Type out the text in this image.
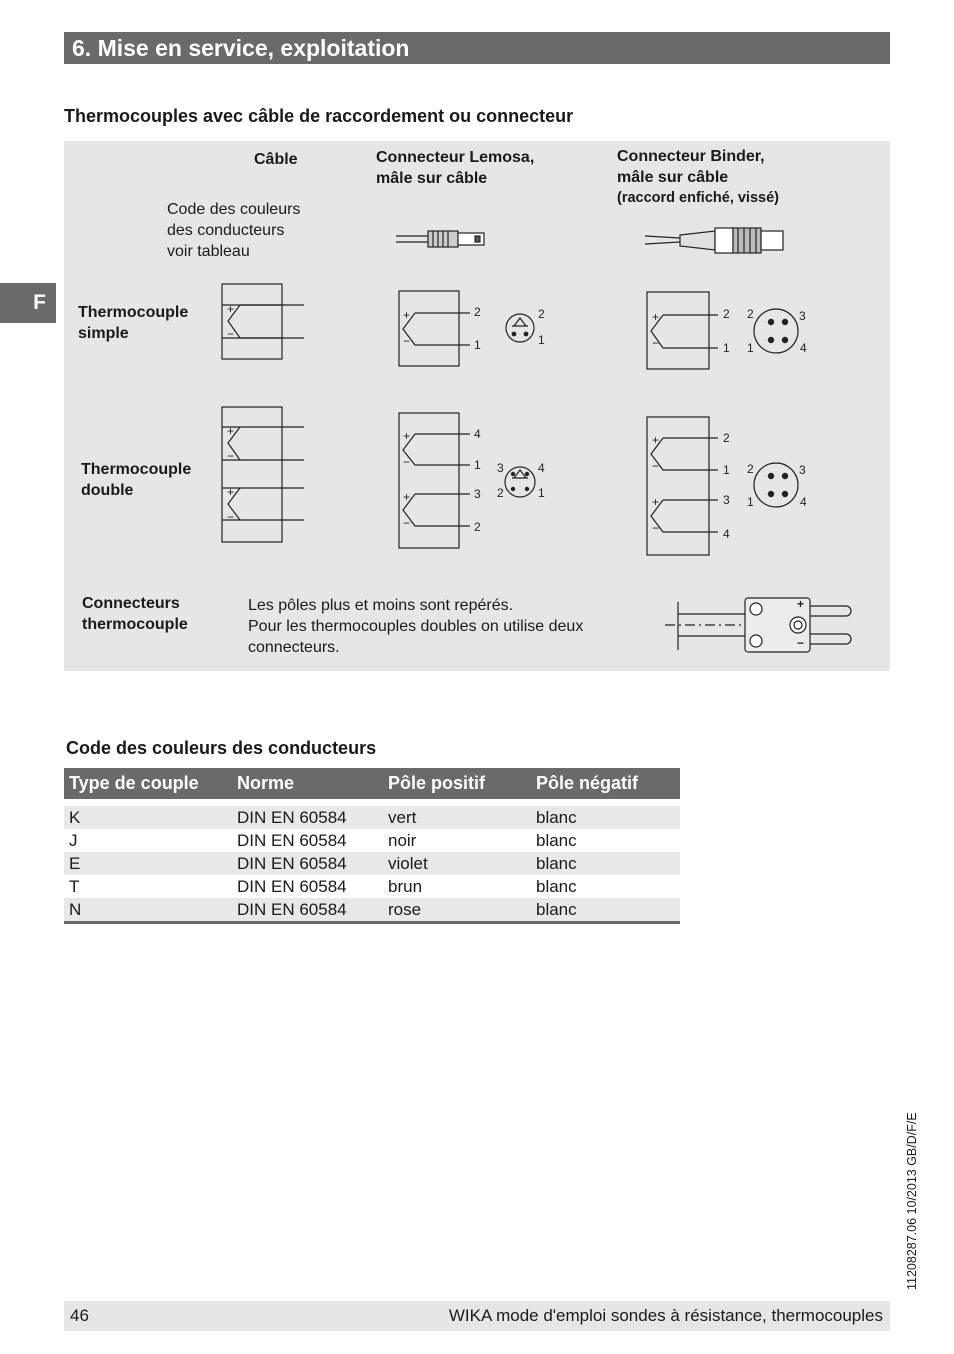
6. Mise en service, exploitation
F
Thermocouples avec câble de raccordement ou connecteur
Câble	Connecteur Lemosa,
mâle sur câble
Connecteur Binder,
mâle sur câble
(raccord enfiché, vissé)
Code des couleurs
des conducteurs
voir tableau
Thermocouple
simple
Thermocouple
double
Connecteurs
thermocouple
Les pôles plus et moins sont repérés.
Pour les thermocouples doubles on utilise deux
connecteurs.
+
−
+
−
2
1
2
1
+
−
2
1
2	3
1	4
+
−
+
−
+
−
+
−
4
1
3
2
3	4
2	1
+
−
+
−
2
1
3
4
2	3
1	4
+
−
Code des couleurs des conducteurs
Type de couple	Norme	Pôle positif	Pôle négatif

K	DIN EN 60584	vert	blanc
J	DIN EN 60584	noir	blanc
E	DIN EN 60584	violet	blanc
T	DIN EN 60584	brun	blanc
N	DIN EN 60584	rose	blanc
11208287.06 10/2013 GB/D/F/E
46	WIKA mode d'emploi sondes à résistance, thermocouples
